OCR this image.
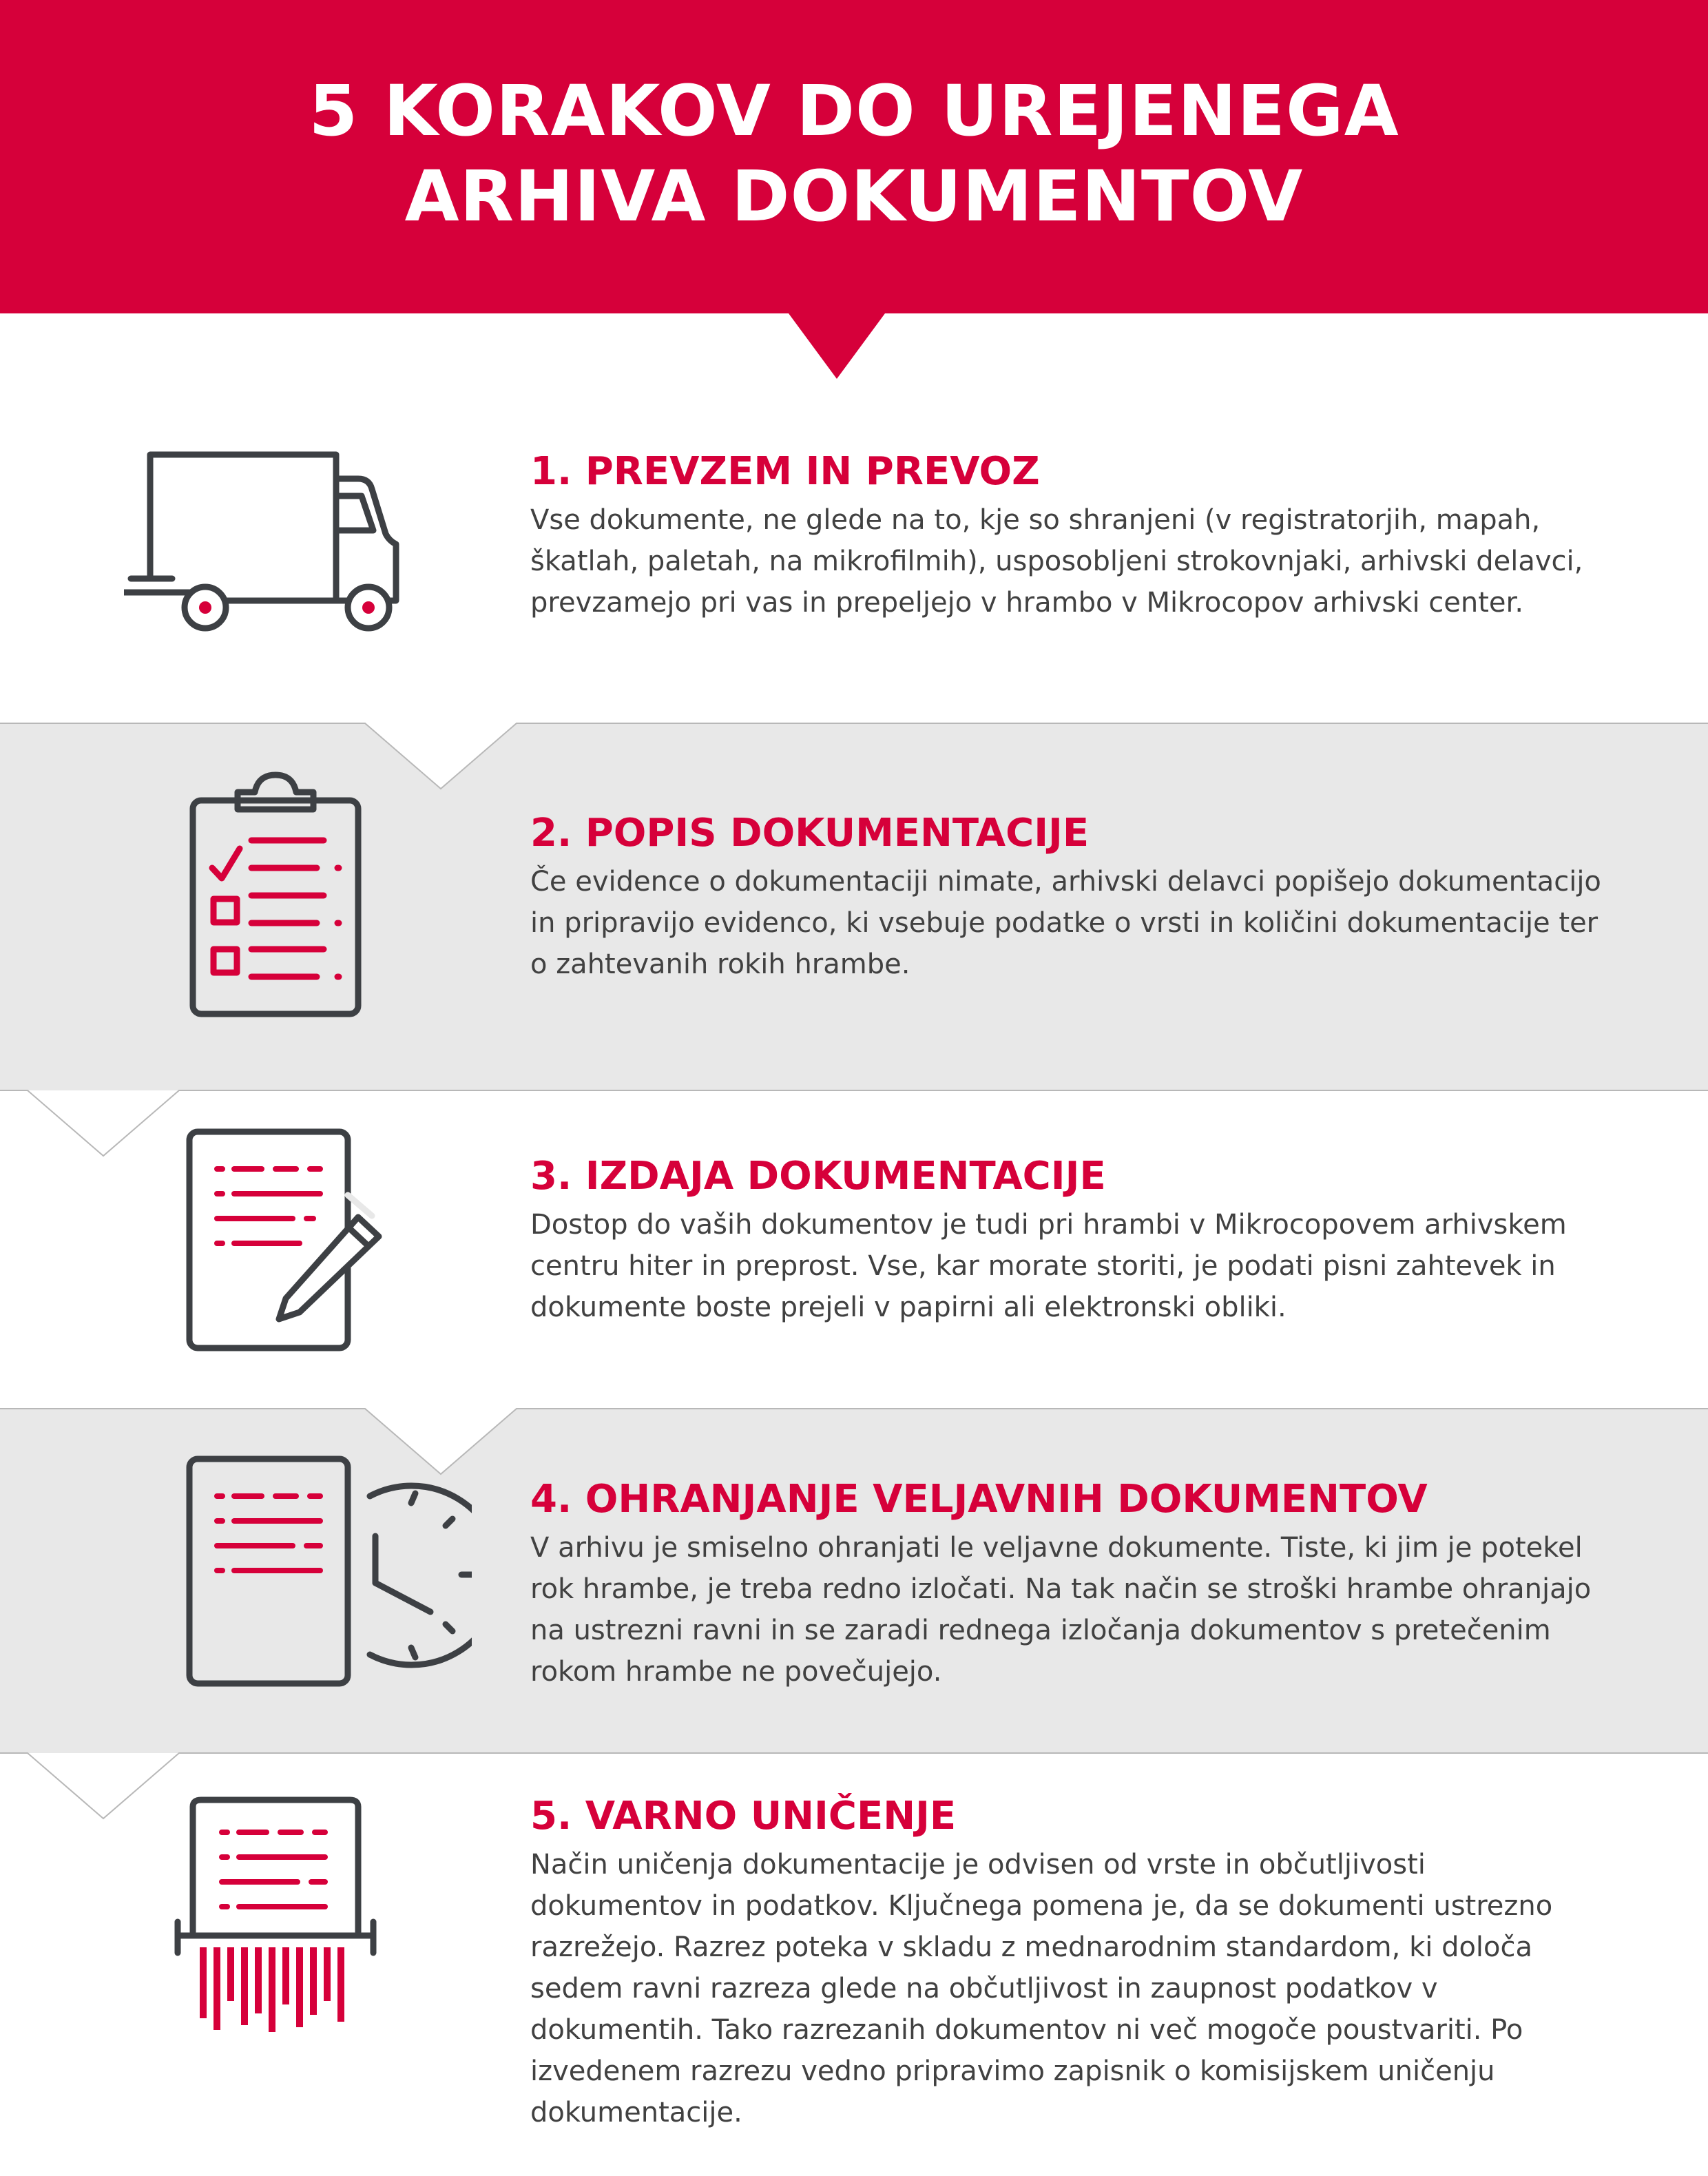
5 KORAKOV DO UREJENEGA
ARHIVA DOKUMENTOV
1. PREVZEM IN PREVOZ
Vse dokumente, ne glede na to, kje so shranjeni (v registratorjih, mapah, škatlah, paletah, na mikrofilmih), usposobljeni strokovnjaki, arhivski delavci, prevzamejo pri vas in prepeljejo v hrambo v Mikrocopov arhivski center.
2. POPIS DOKUMENTACIJE
Če evidence o dokumentaciji nimate, arhivski delavci popišejo dokumentacijo in pripravijo evidenco, ki vsebuje podatke o vrsti in količini dokumentacije ter o zahtevanih rokih hrambe.
3. IZDAJA DOKUMENTACIJE
Dostop do vaših dokumentov je tudi pri hrambi v Mikrocopovem arhivskem centru hiter in preprost. Vse, kar morate storiti, je podati pisni zahtevek in dokumente boste prejeli v papirni ali elektronski obliki.
4. OHRANJANJE VELJAVNIH DOKUMENTOV
V arhivu je smiselno ohranjati le veljavne dokumente. Tiste, ki jim je potekel rok hrambe, je treba redno izločati. Na tak način se stroški hrambe ohranjajo na ustrezni ravni in se zaradi rednega izločanja dokumentov s pretečenim rokom hrambe ne povečujejo.
5. VARNO UNIČENJE
Način uničenja dokumentacije je odvisen od vrste in občutljivosti dokumentov in podatkov. Ključnega pomena je, da se dokumenti ustrezno razrežejo. Razrez poteka v skladu z mednarodnim standardom, ki določa sedem ravni razreza glede na občutljivost in zaupnost podatkov v dokumentih. Tako razrezanih dokumentov ni več mogoče poustvariti. Po izvedenem razrezu vedno pripravimo zapisnik o komisijskem uničenju dokumentacije.
